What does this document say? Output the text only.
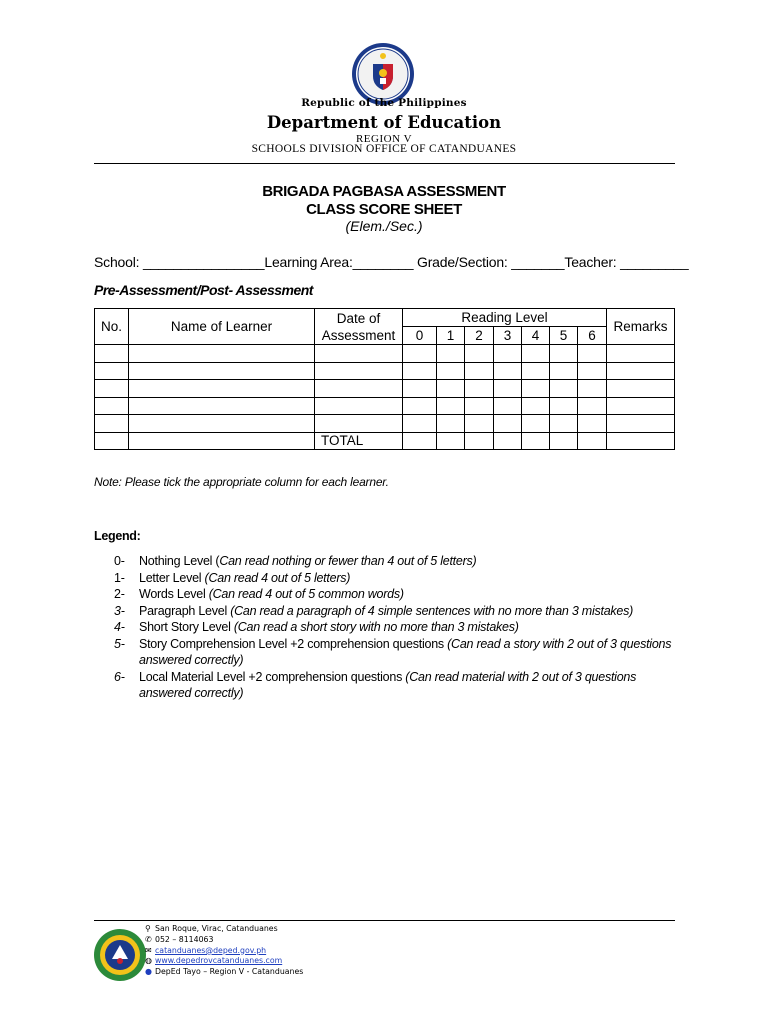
Republic of the Philippines
Department of Education
REGION V
SCHOOLS DIVISION OFFICE OF CATANDUANES
BRIGADA PAGBASA ASSESSMENT
CLASS SCORE SHEET
(Elem./Sec.)
School: ________________Learning Area:________ Grade/Section: _______Teacher: _________
Pre-Assessment/Post- Assessment
No.	Name of Learner	Date of Assessment	Reading Level							Remarks
			0	1	2	3	4	5	6	

		TOTAL								
Note: Please tick the appropriate column for each learner.
Legend:
0-	Nothing Level (Can read nothing or fewer than 4 out of 5 letters)
1-	Letter Level (Can read 4 out of 5 letters)
2-	Words Level (Can read 4 out of 5 common words)
3-	Paragraph Level (Can read a paragraph of 4 simple sentences with no more than 3 mistakes)
4-	Short Story Level (Can read a short story with no more than 3 mistakes)
5-	Story Comprehension Level +2 comprehension questions (Can read a story with 2 out of 3 questions answered correctly)
6-	Local Material Level +2 comprehension questions (Can read material with 2 out of 3 questions answered correctly)
⚲ San Roque, Virac, Catanduanes
✆ 052 – 8114063
✉ catanduanes@deped.gov.ph
◍ www.depedrovcatanduanes.com
● DepEd Tayo – Region V - Catanduanes
